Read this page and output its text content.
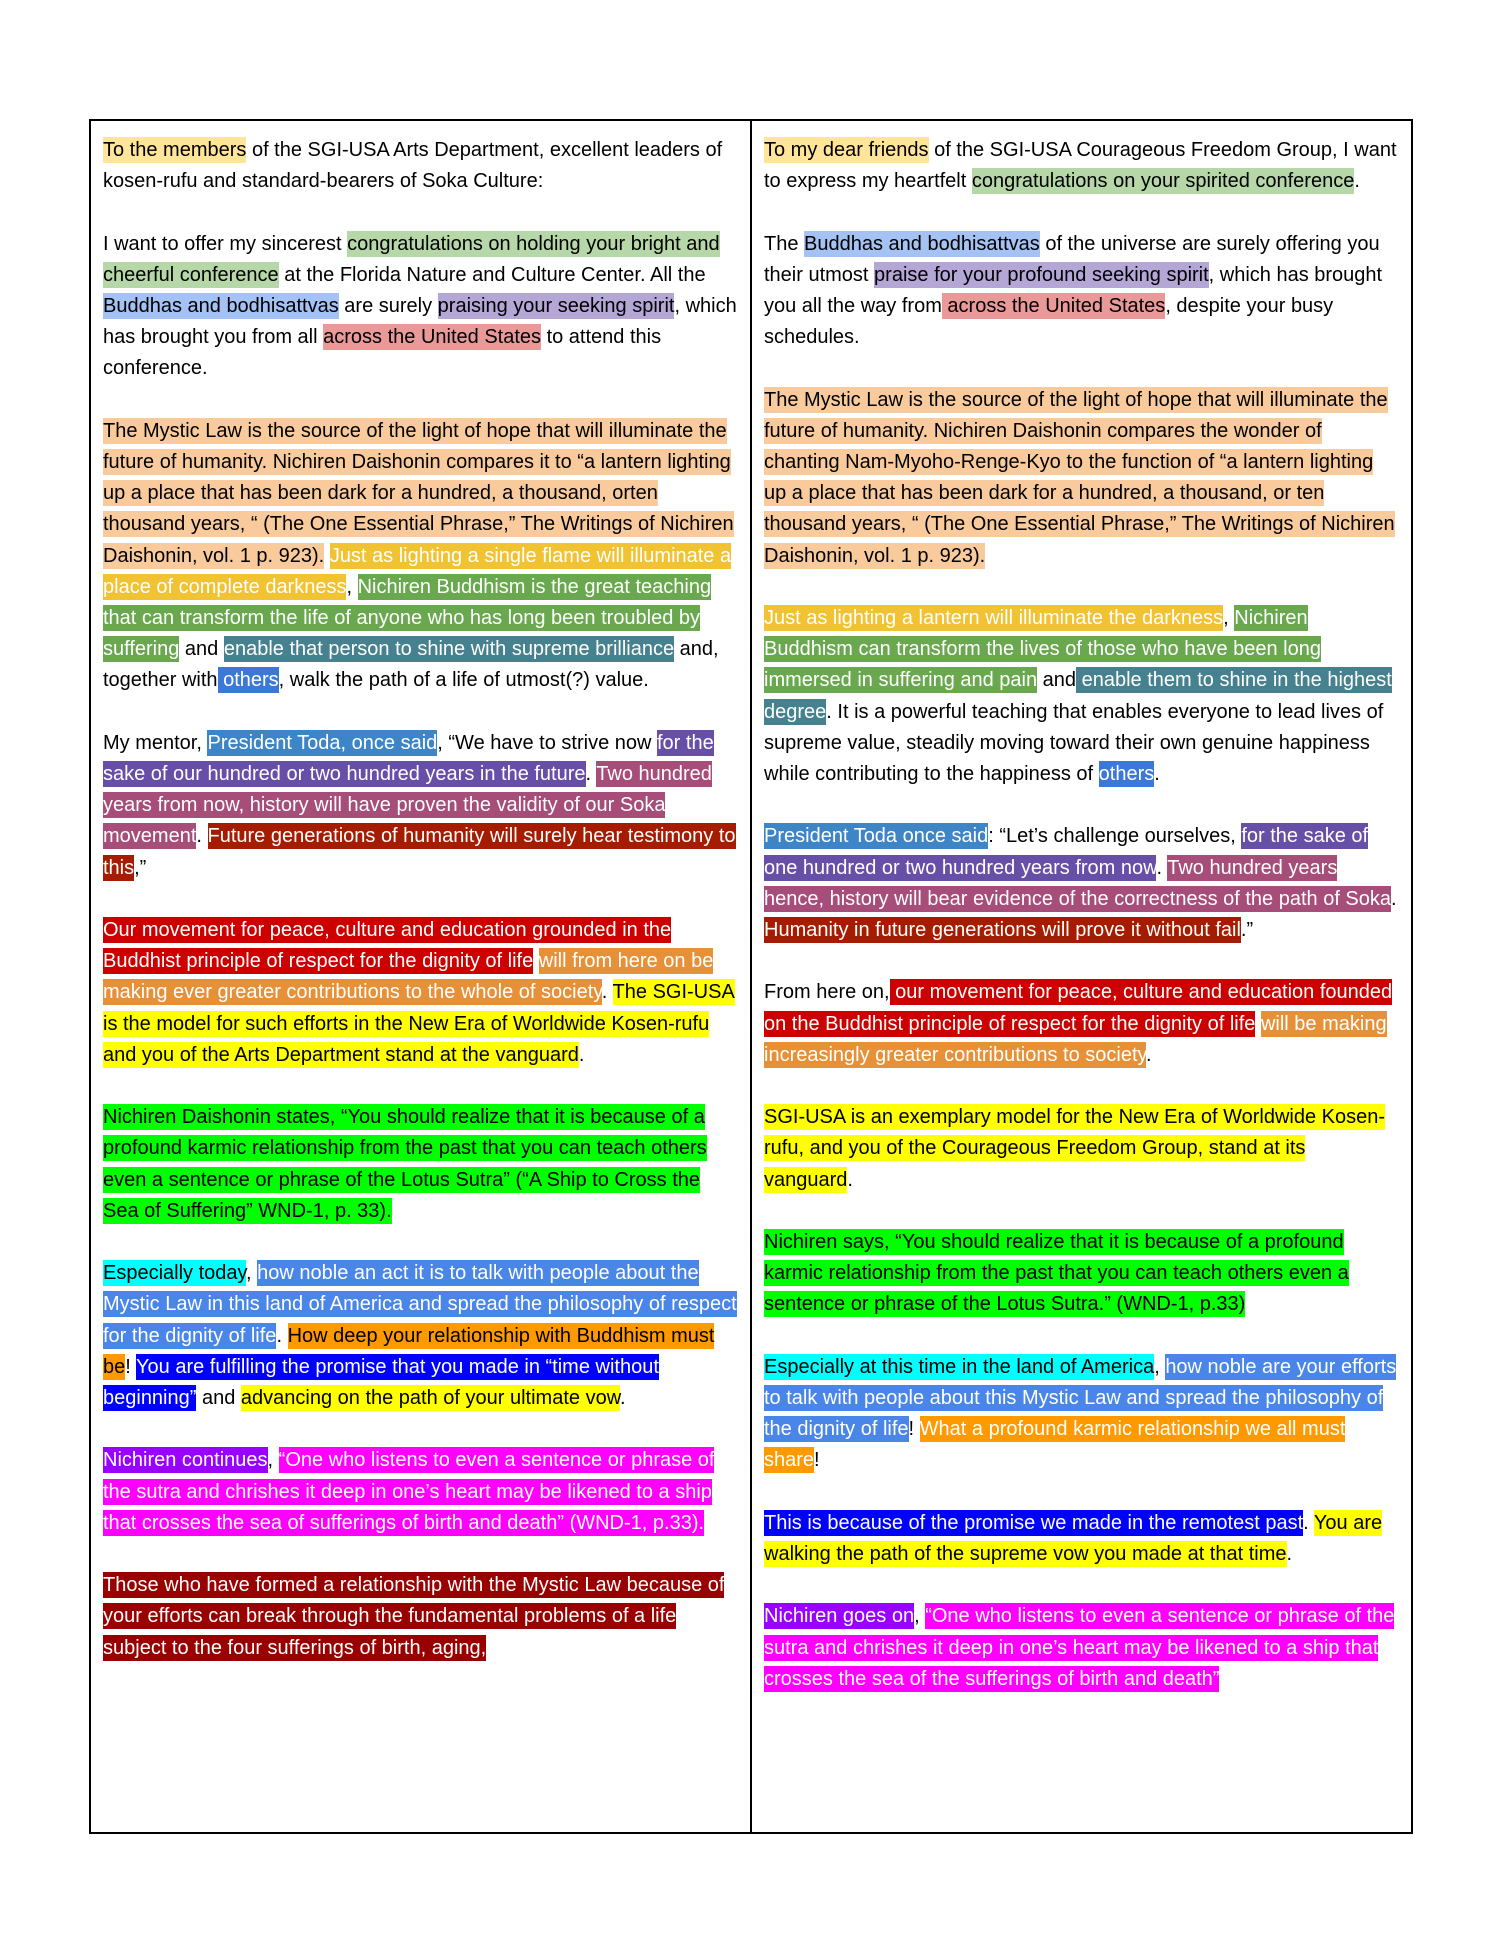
To the members of the SGI-USA Arts Department, excellent leaders of kosen-rufu and standard-bearers of Soka Culture:

I want to offer my sincerest congratulations on holding your bright and cheerful conference at the Florida Nature and Culture Center. All the Buddhas and bodhisattvas are surely praising your seeking spirit, which has brought you from all across the United States to attend this conference.

The Mystic Law is the source of the light of hope that will illuminate the future of humanity. Nichiren Daishonin compares it to “a lantern lighting up a place that has been dark for a hundred, a thousand, orten thousand years, “ (The One Essential Phrase,” The Writings of Nichiren Daishonin, vol. 1 p. 923). Just as lighting a single flame will illuminate a place of complete darkness, Nichiren Buddhism is the great teaching that can transform the life of anyone who has long been troubled by suffering and enable that person to shine with supreme brilliance and, together with others, walk the path of a life of utmost(?) value.

My mentor, President Toda, once said, “We have to strive now for the sake of our hundred or two hundred years in the future. Two hundred years from now, history will have proven the validity of our Soka movement. Future generations of humanity will surely hear testimony to this,”

Our movement for peace, culture and education grounded in the Buddhist principle of respect for the dignity of life will from here on be making ever greater contributions to the whole of society. The SGI-USA is the model for such efforts in the New Era of Worldwide Kosen-rufu and you of the Arts Department stand at the vanguard.

Nichiren Daishonin states, “You should realize that it is because of a profound karmic relationship from the past that you can teach others even a sentence or phrase of the Lotus Sutra” (“A Ship to Cross the Sea of Suffering” WND-1, p. 33).

Especially today, how noble an act it is to talk with people about the Mystic Law in this land of America and spread the philosophy of respect for the dignity of life. How deep your relationship with Buddhism must be! You are fulfilling the promise that you made in “time without beginning” and advancing on the path of your ultimate vow.

Nichiren continues, “One who listens to even a sentence or phrase of the sutra and chrishes it deep in one’s heart may be likened to a ship that crosses the sea of sufferings of birth and death” (WND-1, p.33).

Those who have formed a relationship with the Mystic Law because of your efforts can break through the fundamental problems of a life subject to the four sufferings of birth, aging,

To my dear friends of the SGI-USA Courageous Freedom Group, I want to express my heartfelt congratulations on your spirited conference.

The Buddhas and bodhisattvas of the universe are surely offering you their utmost praise for your profound seeking spirit, which has brought you all the way from across the United States, despite your busy schedules.

The Mystic Law is the source of the light of hope that will illuminate the future of humanity. Nichiren Daishonin compares the wonder of chanting Nam-Myoho-Renge-Kyo to the function of “a lantern lighting up a place that has been dark for a hundred, a thousand, or ten thousand years, “ (The One Essential Phrase,” The Writings of Nichiren Daishonin, vol. 1 p. 923).

Just as lighting a lantern will illuminate the darkness, Nichiren Buddhism can transform the lives of those who have been long immersed in suffering and pain and enable them to shine in the highest degree. It is a powerful teaching that enables everyone to lead lives of supreme value, steadily moving toward their own genuine happiness while contributing to the happiness of others.

President Toda once said: “Let’s challenge ourselves, for the sake of one hundred or two hundred years from now. Two hundred years hence, history will bear evidence of the correctness of the path of Soka. Humanity in future generations will prove it without fail.”

From here on, our movement for peace, culture and education founded on the Buddhist principle of respect for the dignity of life will be making increasingly greater contributions to society.

SGI-USA is an exemplary model for the New Era of Worldwide Kosen-rufu, and you of the Courageous Freedom Group, stand at its vanguard.

Nichiren says, “You should realize that it is because of a profound karmic relationship from the past that you can teach others even a sentence or phrase of the Lotus Sutra.” (WND-1, p.33)

Especially at this time in the land of America, how noble are your efforts to talk with people about this Mystic Law and spread the philosophy of the dignity of life! What a profound karmic relationship we all must share!

This is because of the promise we made in the remotest past. You are walking the path of the supreme vow you made at that time.

Nichiren goes on, “One who listens to even a sentence or phrase of the sutra and chrishes it deep in one’s heart may be likened to a ship that crosses the sea of the sufferings of birth and death”
